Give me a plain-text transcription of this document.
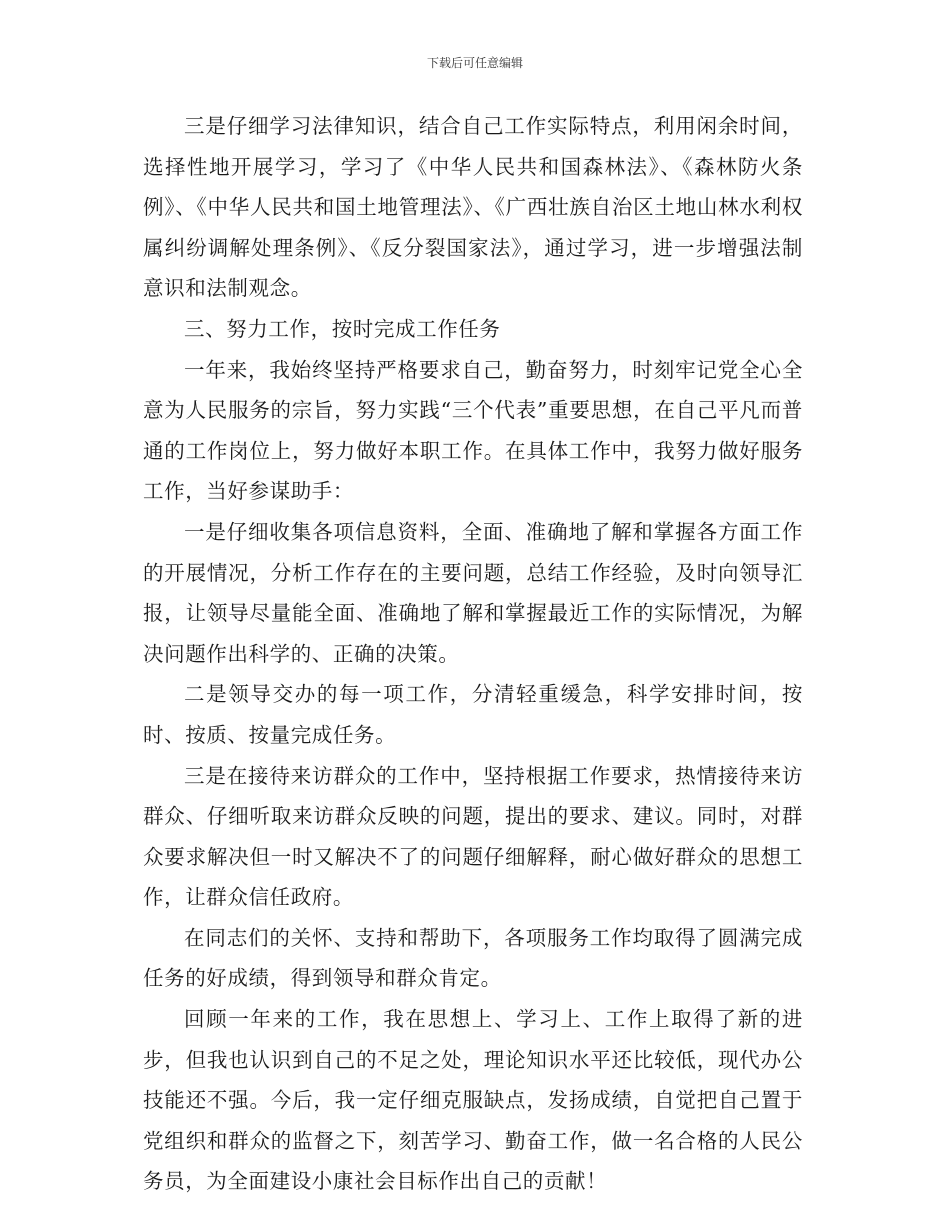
下载后可任意编辑

三是仔细学习法律知识，结合自己工作实际特点，利用闲余时间，选择性地开展学习，学习了《中华人民共和国森林法》、《森林防火条例》、《中华人民共和国土地管理法》、《广西壮族自治区土地山林水利权属纠纷调解处理条例》、《反分裂国家法》，通过学习，进一步增强法制意识和法制观念。

三、努力工作，按时完成工作任务

一年来，我始终坚持严格要求自己，勤奋努力，时刻牢记党全心全意为人民服务的宗旨，努力实践“三个代表”重要思想，在自己平凡而普通的工作岗位上，努力做好本职工作。在具体工作中，我努力做好服务工作，当好参谋助手：

一是仔细收集各项信息资料，全面、准确地了解和掌握各方面工作的开展情况，分析工作存在的主要问题，总结工作经验，及时向领导汇报，让领导尽量能全面、准确地了解和掌握最近工作的实际情况，为解决问题作出科学的、正确的决策。

二是领导交办的每一项工作，分清轻重缓急，科学安排时间，按时、按质、按量完成任务。

三是在接待来访群众的工作中，坚持根据工作要求，热情接待来访群众、仔细听取来访群众反映的问题，提出的要求、建议。同时，对群众要求解决但一时又解决不了的问题仔细解释，耐心做好群众的思想工作，让群众信任政府。

在同志们的关怀、支持和帮助下，各项服务工作均取得了圆满完成任务的好成绩，得到领导和群众肯定。

回顾一年来的工作，我在思想上、学习上、工作上取得了新的进步，但我也认识到自己的不足之处，理论知识水平还比较低，现代办公技能还不强。今后，我一定仔细克服缺点，发扬成绩，自觉把自己置于党组织和群众的监督之下，刻苦学习、勤奋工作，做一名合格的人民公务员，为全面建设小康社会目标作出自己的贡献！
